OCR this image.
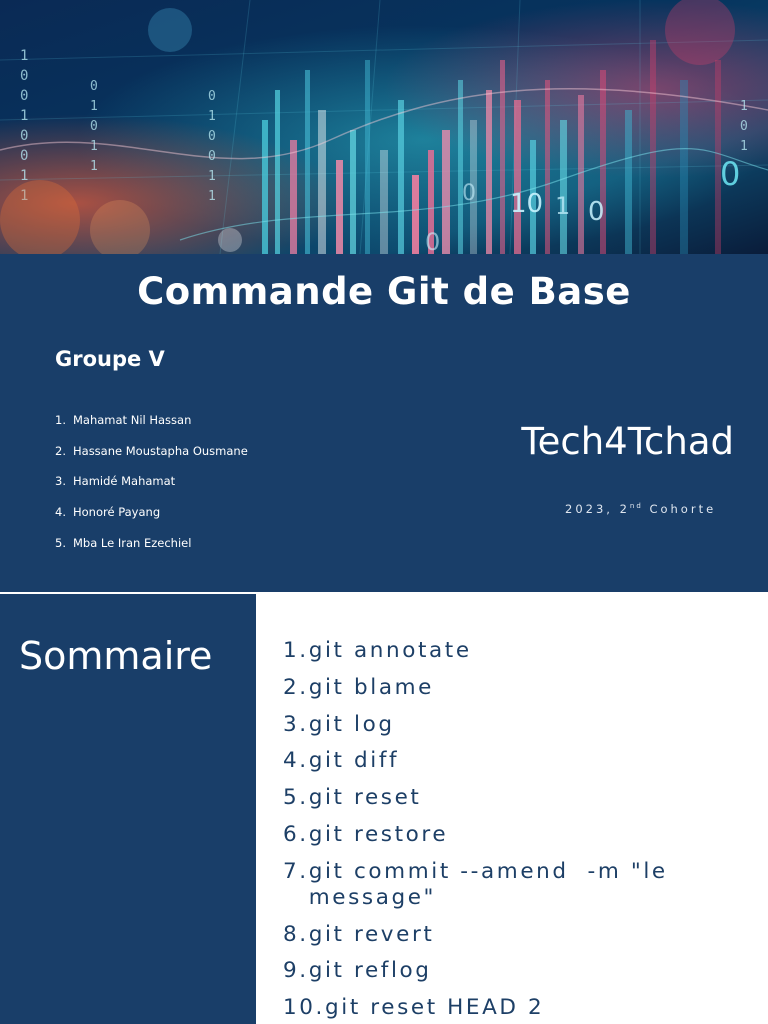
1
0
0
1
0
0
1
1
0
1
0
1
1
0
1
0
0
1
1
1
0
1
10 1 0
0
0
0
Commande Git de Base
Groupe V
1. Mahamat Nil Hassan
2. Hassane Moustapha Ousmane
3. Hamidé Mahamat
4. Honoré Payang
5. Mba Le Iran Ezechiel
Tech4Tchad
2023, 2nd Cohorte
Sommaire	1.git annotate
2.git blame
3.git log
4.git diff
5.git reset
6.git restore
7. git commit --amend  -m "le message"
8.git revert
9.git reflog
10.git reset HEAD 2
